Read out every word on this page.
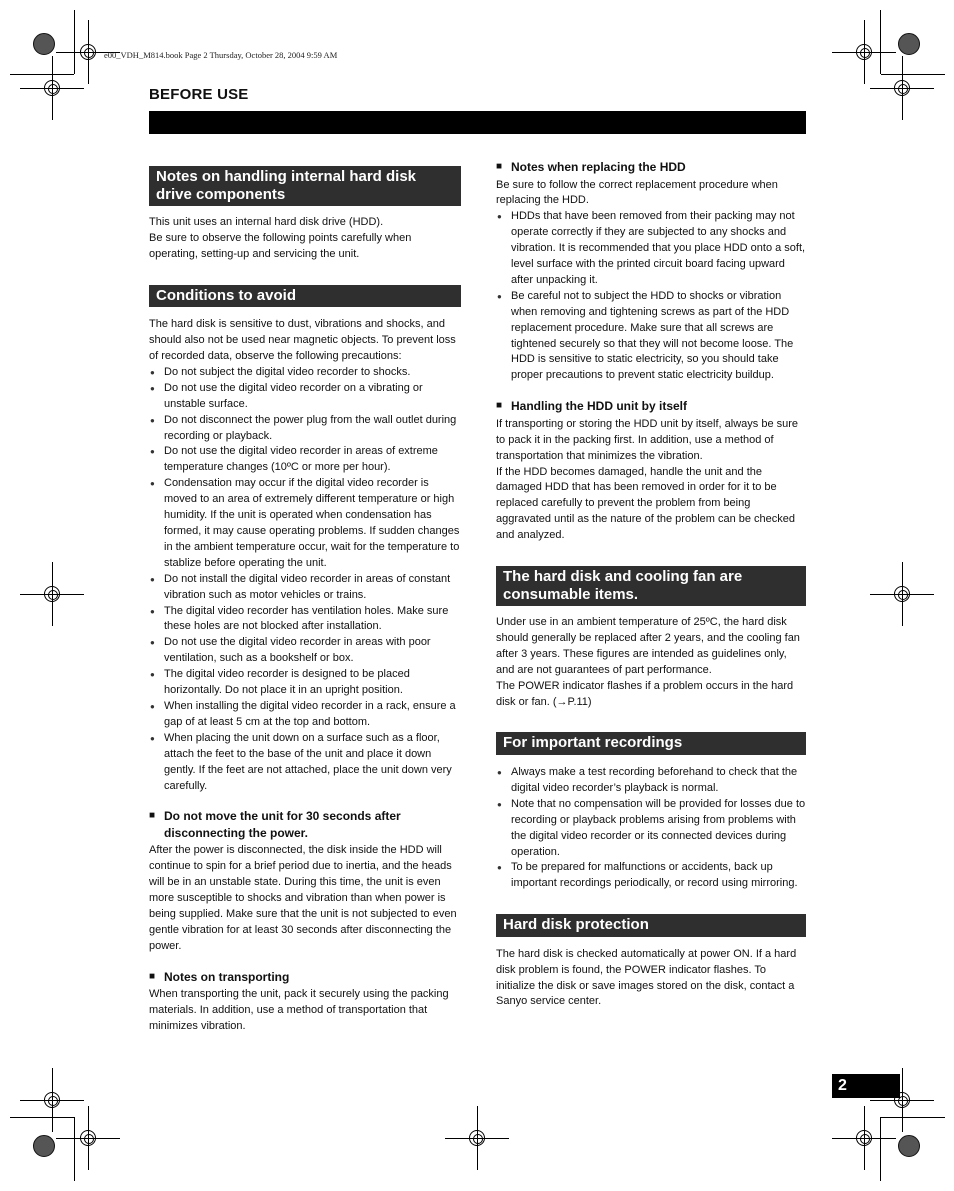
e00_VDH_M814.book Page 2 Thursday, October 28, 2004 9:59 AM
BEFORE USE
Notes on handling internal hard disk drive components

This unit uses an internal hard disk drive (HDD).

Be sure to observe the following points carefully when operating, setting-up and servicing the unit.

Conditions to avoid

The hard disk is sensitive to dust, vibrations and shocks, and should also not be used near magnetic objects. To prevent loss of recorded data, observe the following precautions:

● Do not subject the digital video recorder to shocks.
● Do not use the digital video recorder on a vibrating or unstable surface.
● Do not disconnect the power plug from the wall outlet during recording or playback.
● Do not use the digital video recorder in areas of extreme temperature changes (10ºC or more per hour).
● Condensation may occur if the digital video recorder is moved to an area of extremely different temperature or high humidity. If the unit is operated when condensation has formed, it may cause operating problems. If sudden changes in the ambient temperature occur, wait for the temperature to stablize before operating the unit.
● Do not install the digital video recorder in areas of constant vibration such as motor vehicles or trains.
● The digital video recorder has ventilation holes. Make sure these holes are not blocked after installation.
● Do not use the digital video recorder in areas with poor ventilation, such as a bookshelf or box.
● The digital video recorder is designed to be placed horizontally. Do not place it in an upright position.
● When installing the digital video recorder in a rack, ensure a gap of at least 5 cm at the top and bottom.
● When placing the unit down on a surface such as a floor, attach the feet to the base of the unit and place it down gently. If the feet are not attached, place the unit down very carefully.

■ Do not move the unit for 30 seconds after disconnecting the power.

After the power is disconnected, the disk inside the HDD will continue to spin for a brief period due to inertia, and the heads will be in an unstable state. During this time, the unit is even more susceptible to shocks and vibration than when power is being supplied. Make sure that the unit is not subjected to even gentle vibration for at least 30 seconds after disconnecting the power.

■ Notes on transporting

When transporting the unit, pack it securely using the packing materials. In addition, use a method of transportation that minimizes vibration.

■ Notes when replacing the HDD

Be sure to follow the correct replacement procedure when replacing the HDD.

● HDDs that have been removed from their packing may not operate correctly if they are subjected to any shocks and vibration. It is recommended that you place HDD onto a soft, level surface with the printed circuit board facing upward after unpacking it.
● Be careful not to subject the HDD to shocks or vibration when removing and tightening screws as part of the HDD replacement procedure. Make sure that all screws are tightened securely so that they will not become loose. The HDD is sensitive to static electricity, so you should take proper precautions to prevent static electricity buildup.

■ Handling the HDD unit by itself

If transporting or storing the HDD unit by itself, always be sure to pack it in the packing first. In addition, use a method of transportation that minimizes the vibration.

If the HDD becomes damaged, handle the unit and the damaged HDD that has been removed in order for it to be replaced carefully to prevent the problem from being aggravated until as the nature of the problem can be checked and analyzed.

The hard disk and cooling fan are consumable items.

Under use in an ambient temperature of 25ºC, the hard disk should generally be replaced after 2 years, and the cooling fan after 3 years. These figures are intended as guidelines only, and are not guarantees of part performance.

The POWER indicator flashes if a problem occurs in the hard disk or fan. (→P.11)

For important recordings
● Always make a test recording beforehand to check that the digital video recorder’s playback is normal.
● Note that no compensation will be provided for losses due to recording or playback problems arising from problems with the digital video recorder or its connected devices during operation.
● To be prepared for malfunctions or accidents, back up important recordings periodically, or record using mirroring.
Hard disk protection

The hard disk is checked automatically at power ON. If a hard disk problem is found, the POWER indicator flashes. To initialize the disk or save images stored on the disk, contact a Sanyo service center.

2
